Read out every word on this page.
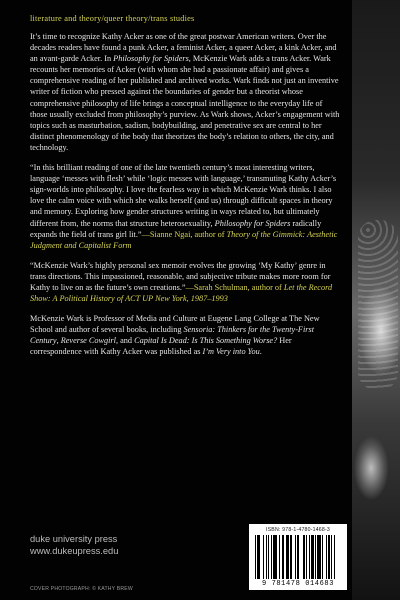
literature and theory/queer theory/trans studies

It’s time to recognize Kathy Acker as one of the great postwar American writers. Over the decades readers have found a punk Acker, a feminist Acker, a queer Acker, a kink Acker, and an avant-garde Acker. In Philosophy for Spiders, McKenzie Wark adds a trans Acker. Wark recounts her memories of Acker (with whom she had a passionate affair) and gives a comprehensive reading of her published and archived works. Wark finds not just an inventive writer of fiction who pressed against the boundaries of gender but a theorist whose comprehensive philosophy of life brings a conceptual intelligence to the everyday life of those usually excluded from philosophy’s purview. As Wark shows, Acker’s engagement with topics such as masturbation, sadism, bodybuilding, and penetrative sex are central to her distinct phenomenology of the body that theorizes the body’s relation to others, the city, and technology.

“In this brilliant reading of one of the late twentieth century’s most interesting writers, language ‘messes with flesh’ while ‘logic messes with language,’ transmuting Kathy Acker’s sign-worlds into philosophy. I love the fearless way in which McKenzie Wark thinks. I also love the calm voice with which she walks herself (and us) through difficult spaces in theory and memory. Exploring how gender structures writing in ways related to, but ultimately different from, the norms that structure heterosexuality, Philosophy for Spiders radically expands the field of trans girl lit.”—Sianne Ngai, author of Theory of the Gimmick: Aesthetic Judgment and Capitalist Form

“McKenzie Wark’s highly personal sex memoir evolves the growing ‘My Kathy’ genre in trans directions. This impassioned, reasonable, and subjective tribute makes more room for Kathy to live on as the future’s own creations.”—Sarah Schulman, author of Let the Record Show: A Political History of ACT UP New York, 1987–1993

McKenzie Wark is Professor of Media and Culture at Eugene Lang College at The New School and author of several books, including Sensoria: Thinkers for the Twenty-First Century, Reverse Cowgirl, and Capital Is Dead: Is This Something Worse? Her correspondence with Kathy Acker was published as I’m Very into You.

duke university press
www.dukeupress.edu
COVER PHOTOGRAPH: © KATHY BREW
ISBN: 978-1-4780-1468-3
9 781478 014683
